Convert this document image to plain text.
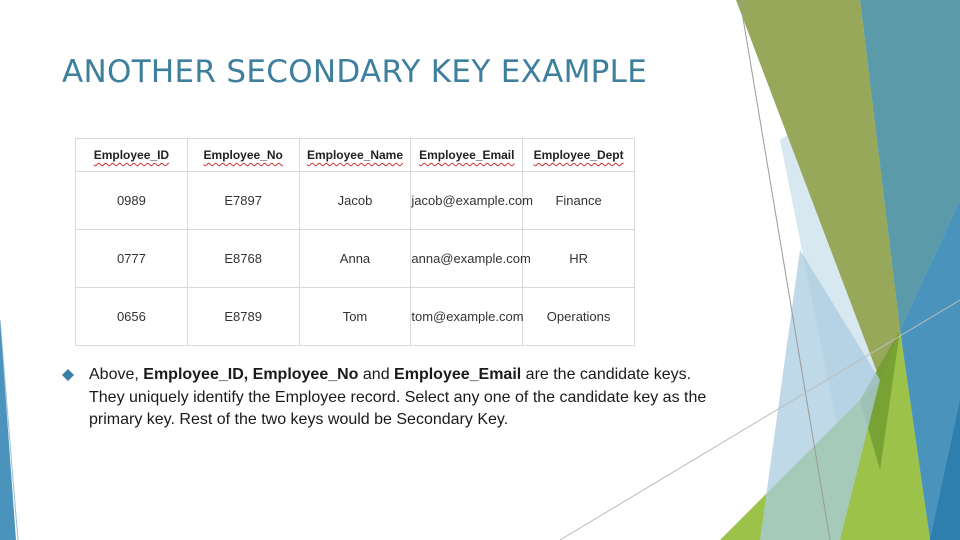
ANOTHER SECONDARY KEY EXAMPLE
Employee_ID	Employee_No	Employee_Name	Employee_Email	Employee_Dept
0989	E7897	Jacob	jacob@example.com	Finance
0777	E8768	Anna	anna@example.com	HR
0656	E8789	Tom	tom@example.com	Operations

Above, Employee_ID, Employee_No and Employee_Email are the candidate keys. They uniquely identify the Employee record. Select any one of the candidate key as the primary key. Rest of the two keys would be Secondary Key.
